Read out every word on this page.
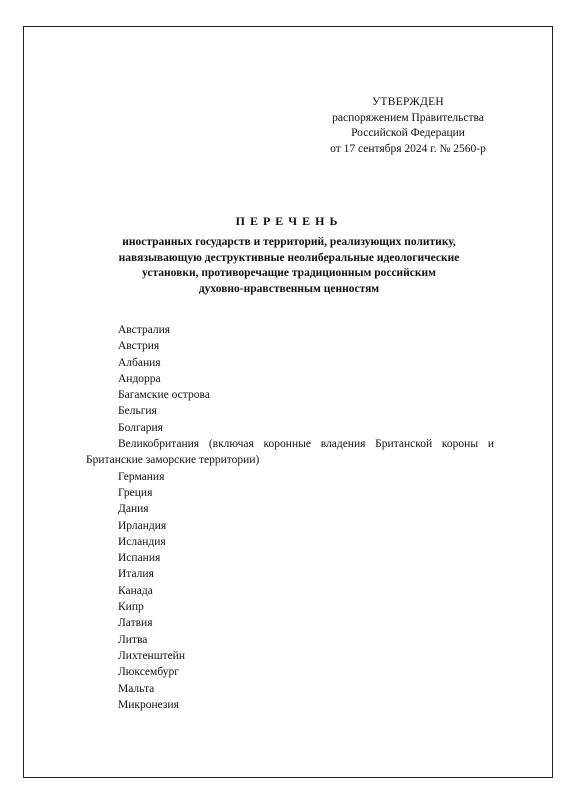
УТВЕРЖДЕН
распоряжением Правительства
Российской Федерации
от 17 сентября 2024 г. № 2560-р
ПЕРЕЧЕНЬ
иностранных государств и территорий, реализующих политику,
навязывающую деструктивные неолиберальные идеологические
установки, противоречащие традиционным российским
духовно-нравственным ценностям
Австралия
Австрия
Албания
Андорра
Багамские острова
Бельгия
Болгария
Великобритания (включая коронные владения Британской короны и Британские заморские территории)
Германия
Греция
Дания
Ирландия
Исландия
Испания
Италия
Канада
Кипр
Латвия
Литва
Лихтенштейн
Люксембург
Мальта
Микронезия
